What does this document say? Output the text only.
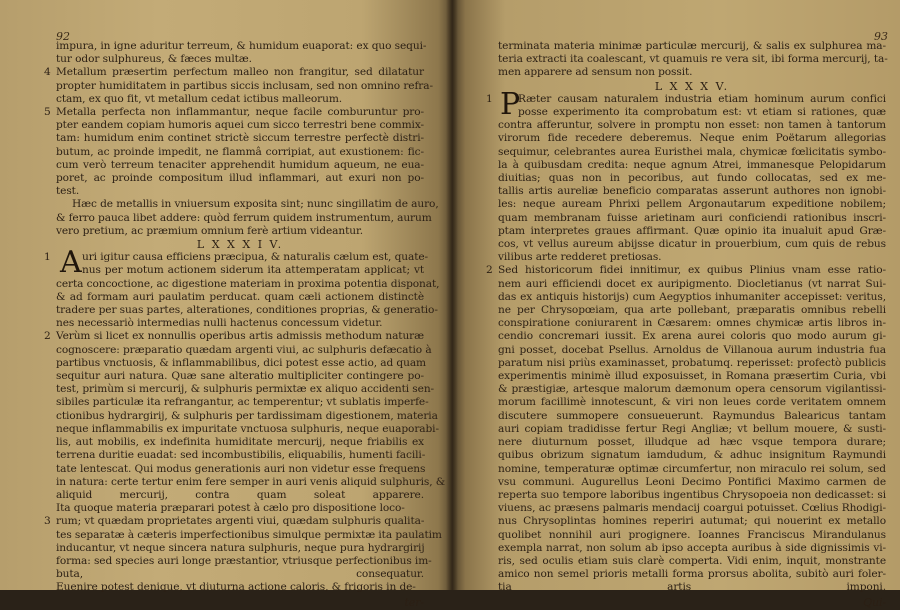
92
impura, in igne aduritur terreum, & humidum euaporat: ex quo sequi-
tur odor sulphureus, & fæces multæ.
Metallum præsertim perfectum malleo non frangitur, sed dilatatur
propter humiditatem in partibus siccis inclusam, sed non omnino refra-
ctam, ex quo fit, vt metallum cedat ictibus malleorum.
Metalla perfecta non inflammantur, neque facile comburuntur pro-
pter eandem copiam humoris aquei cum sicco terrestri bene commix-
tam: humidum enim continet strictè siccum terrestre perfectè distri-
butum, ac proinde impedit, ne flammâ corripiat, aut exustionem: fic-
cum verò terreum tenaciter apprehendit humidum aqueum, ne eua-
poret, ac proinde compositum illud inflammari, aut exuri non po-
test.
Hæc de metallis in vniuersum exposita sint; nunc singillatim de auro,
& ferro pauca libet addere: quòd ferrum quidem instrumentum, aurum
vero pretium, ac præmium omnium ferè artium videantur.
L X X X I V.
uri igitur causa efficiens præcipua, & naturalis cælum est, quate-
nus per motum actionem siderum ita attemperatam applicat; vt
certa concoctione, ac digestione materiam in proxima potentia disponat,
& ad formam auri paulatim perducat. quam cæli actionem distinctè
tradere per suas partes, alterationes, conditiones proprias, & generatio-
nes necessariò intermedias nulli hactenus concessum videtur.
Verùm si licet ex nonnullis operibus artis admissis methodum naturæ
cognoscere: præparatio quædam argenti viui, ac sulphuris defæcatio à
partibus vnctuosis, & inflammabilibus, dici potest esse actio, ad quam
sequitur auri natura. Quæ sane alteratio multipliciter contingere po-
test, primùm si mercurij, & sulphuris permixtæ ex aliquo accidenti sen-
sibiles particulæ ita refrangantur, ac temperentur; vt sublatis imperfe-
ctionibus hydrargirij, & sulphuris per tardissimam digestionem, materia
neque inflammabilis ex impuritate vnctuosa sulphuris, neque euaporabi-
lis, aut mobilis, ex indefinita humiditate mercurij, neque friabilis ex
terrena duritie euadat: sed incombustibilis, eliquabilis, humenti facili-
tate lentescat. Qui modus generationis auri non videtur esse frequens
in natura: certe tertur enim fere semper in auri venis aliquid sulphuris, &
aliquid mercurij, contra quam soleat apparere.
Ita quoque materia præparari potest à cælo pro dispositione loco-
rum; vt quædam proprietates argenti viui, quædam sulphuris qualita-
tes separatæ à cæteris imperfectionibus simulque permixtæ ita paulatim
inducantur, vt neque sincera natura sulphuris, neque pura hydrargirij
forma: sed species auri longe præstantior, vtriusque perfectionibus im-
buta, consequatur.
Euenire potest denique, vt diuturna actione caloris, & frigoris in de-
4
5
1
2
3
A
ter-
93
terminata materia minimæ particulæ mercurij, & salis ex sulphurea ma-
teria extracti ita coalescant, vt quamuis re vera sit, ibi forma mercurij, ta-
men apparere ad sensum non possit.
L X X X V.
Ræter causam naturalem industria etiam hominum aurum confici
posse experimento ita comprobatum est: vt etiam si rationes, quæ
contra afferuntur, solvere in promptu non esset: non tamen à tantorum
virorum fide recedere deberemus. Neque enim Poëtarum allegorias
sequimur, celebrantes aurea Euristhei mala, chymicæ fœlicitatis symbo-
la à quibusdam credita: neque agnum Atrei, immanesque Pelopidarum
diuitias; quas non in pecoribus, aut fundo collocatas, sed ex me-
tallis artis aureliæ beneficio comparatas asserunt authores non ignobi-
les: neque auream Phrixi pellem Argonautarum expeditione nobilem;
quam membranam fuisse arietinam auri conficiendi rationibus inscri-
ptam interpretes graues affirmant. Quæ opinio ita inualuit apud Græ-
cos, vt vellus aureum abijsse dicatur in prouerbium, cum quis de rebus
vilibus arte redderet pretiosas.
Sed historicorum fidei innitimur, ex quibus Plinius vnam esse ratio-
nem auri efficiendi docet ex auripigmento. Diocletianus (vt narrat Sui-
das ex antiquis historijs) cum Aegyptios inhumaniter accepisset: veritus,
ne per Chrysopœiam, qua arte pollebant, præparatis omnibus rebelli
conspiratione coniurarent in Cæsarem: omnes chymicæ artis libros in-
cendio concremari iussit. Ex arena aurei coloris quo modo aurum gi-
gni posset, docebat Psellus. Arnoldus de Villanoua aurum industria fua
paratum nisi priùs examinasset, probatumq. reperisset: profectò publicis
experimentis minimè illud exposuisset, in Romana præsertim Curia, vbi
& præstigiæ, artesque malorum dæmonum opera censorum vigilantissi-
morum facillimè innotescunt, & viri non leues corde veritatem omnem
discutere summopere consueuerunt. Raymundus Balearicus tantam
auri copiam tradidisse fertur Regi Angliæ; vt bellum mouere, & susti-
nere diuturnum posset, illudque ad hæc vsque tempora durare;
quibus obrizum signatum iamdudum, & adhuc insignitum Raymundi
nomine, temperaturæ optimæ circumfertur, non miraculo rei solum, sed
vsu communi. Augurellus Leoni Decimo Pontifici Maximo carmen de
reperta suo tempore laboribus ingentibus Chrysopoeia non dedicasset: si
viuens, ac præsens palmaris mendacij coargui potuisset. Cœlius Rhodigi-
nus Chrysoplintas homines reperiri autumat; qui nouerint ex metallo
quolibet nonnihil auri progignere. Ioannes Franciscus Mirandulanus
exempla narrat, non solum ab ipso accepta auribus à side dignissimis vi-
ris, sed oculis etiam suis clarè comperta. Vidi enim, inquit, monstrante
amico non semel prioris metalli forma prorsus abolita, subitò auri foler-
tia artis imponi.
1
2
P
Qui-
